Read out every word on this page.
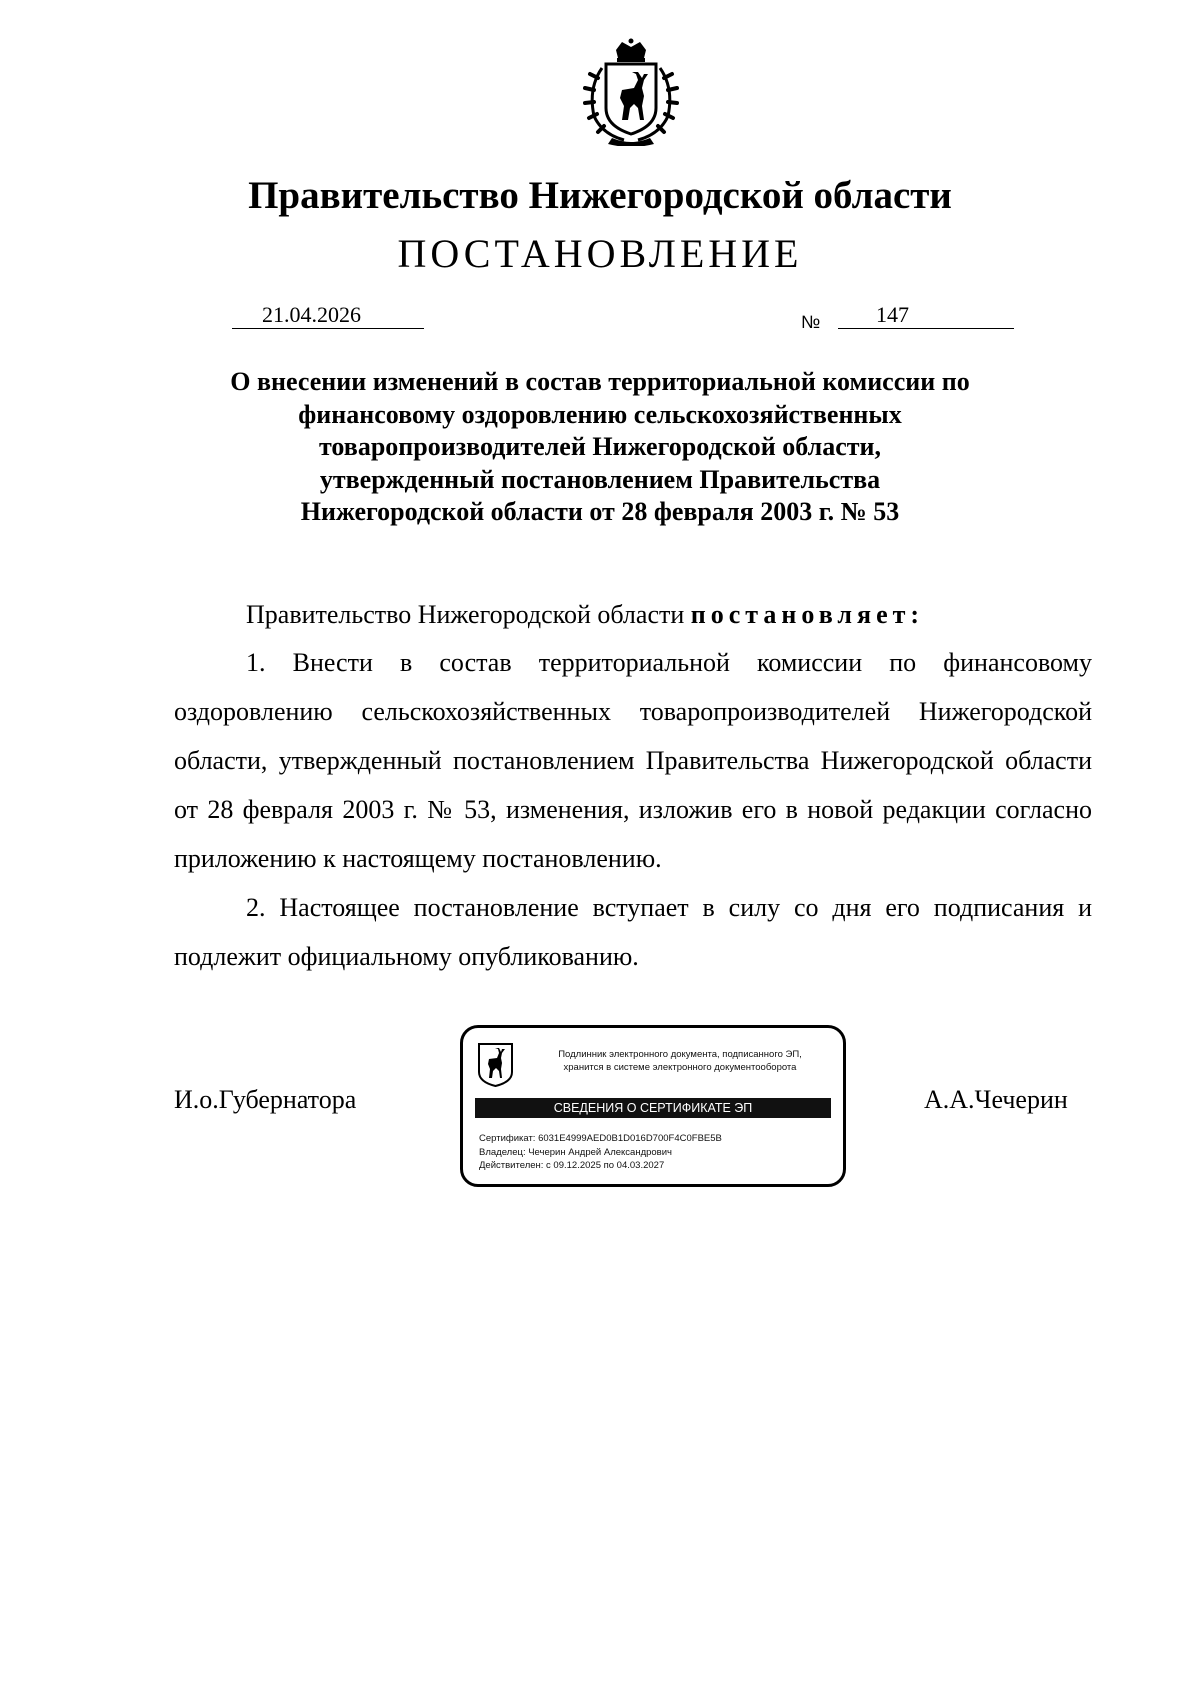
Правительство Нижегородской области
ПОСТАНОВЛЕНИЕ
21.04.2026	№	147
О внесении изменений в состав территориальной комиссии по
финансовому оздоровлению сельскохозяйственных
товаропроизводителей Нижегородской области,
утвержденный постановлением Правительства
Нижегородской области от 28 февраля 2003 г. № 53
Правительство Нижегородской области постановляет:
1. Внести в состав территориальной комиссии по финансовому оздоровлению сельскохозяйственных товаропроизводителей Нижегородской области, утвержденный постановлением Правительства Нижегородской области от 28 февраля 2003 г. № 53, изменения, изложив его в новой редакции согласно приложению к настоящему постановлению.
2. Настоящее постановление вступает в силу со дня его подписания и подлежит официальному опубликованию.
И.о.Губернатора	А.А.Чечерин
Подлинник электронного документа, подписанного ЭП,
хранится в системе электронного документооборота
СВЕДЕНИЯ О СЕРТИФИКАТЕ ЭП
Сертификат: 6031E4999AED0B1D016D700F4C0FBE5B
Владелец: Чечерин Андрей Александрович
Действителен: с 09.12.2025 по 04.03.2027
